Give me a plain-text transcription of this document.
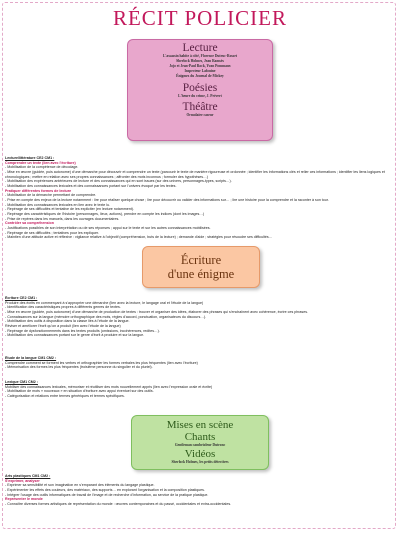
RÉCIT POLICIER
Lecture
L'assassin habite à côté, Florence Dutruc-Rosset
Sherlock Holmes, Jean Ramsès
Jojo et Jean-Paul Rock, Yvan Pommaux
Inspecteur Lafouine
Énigmes du Journal de Mickey
Poésies
L'heure du crime, J. Prévert
Théâtre
Ormolaire caseur
Lecture/littérature CE2 CM1 :
Comprendre un texte (lien avec l'écriture)
- Mobilisation de la compétence de décodage.
- Mise en œuvre (guidée, puis autonome) d'une démarche pour découvrir et comprendre un texte (parcourir le texte de manière rigoureuse et ordonnée ; identifier les informations clés et relier ces informations ; identifier les liens logiques et chronologiques ; mettre en relation avec ses propres connaissances ; affronter des mots inconnus ; formuler des hypothèses…)
- Mobilisation des expériences antérieures de lecture et des connaissances qui en sont issues (sur des univers, personnages-types, scripts…).
- Mobilisation des connaissances lexicales et des connaissances portant sur l'univers évoqué par les textes.
Pratiquer différentes formes de lecture
- Mobilisation de la démarche permettant de comprendre.
- Prise en compte des enjeux de la lecture notamment : lire pour réaliser quelque chose ; lire pour découvrir ou valider des informations sur… ; lire une histoire pour la comprendre et la raconter à son tour.
- Mobilisation des connaissances lexicales en lien avec le texte lu.
- Repérage de ses difficultés et tentative de les expliciter (en lecture notamment).
- Repérage des caractéristiques de l'histoire (personnages, lieux, actions), prendre en compte les indices (dont les images…)
- Prise de repères dans les manuels, dans les ouvrages documentaires.
Contrôler sa compréhension
- Justifications possibles de son interprétation ou de ses réponses ; appui sur le texte et sur les autres connaissances mobilisées.
- Repérage de ses difficultés ; tentatives pour les expliquer.
- Maintien d'une attitude active et réflexive : vigilance relative à l'objectif (compréhension, buts de la lecture) ; demande d'aide ; stratégies pour résoudre ses difficultés…
Écriture
d'une énigme
Écriture CE2 CM1 :
Produire des écrits en commençant à s'approprier une démarche (lien avec la lecture, le langage oral et l'étude de la langue)
- Identification des caractéristiques propres à différents genres de textes.
- Mise en œuvre (guidée, puis autonome) d'une démarche de production de textes : trouver et organiser des idées, élaborer des phrases qui s'enchaînent avec cohérence, écrire ces phrases.
- Connaissances sur la langue (mémoire orthographique des mots, règles d'accord, ponctuation, organisateurs du discours…).
- Mobilisation des outils à disposition dans la classe liés à l'étude de la langue.
Réviser et améliorer l'écrit qu'on a produit (lien avec l'étude de la langue)
- Repérage de dysfonctionnements dans les textes produits (omissions, incohérences, redites…).
- Mobilisation des connaissances portant sur le genre d'écrit à produire et sur la langue.
Étude de la langue CM1 CM2 :
Comprendre comment se forment les verbes et orthographier les formes verbales les plus fréquentes (lien avec l'écriture)
- Mémorisation des formes les plus fréquentes (troisième personne du singulier et du pluriel).
Lexique CM1 CM2 :
Mobiliser des connaissances lexicales, mémoriser et réutiliser des mots nouvellement appris (lien avec l'expression orale et écrite)
- Mobilisation de mots « nouveaux » en situation d'écriture avec appui éventuel sur des outils.
- Catégorisation et relations entre termes génériques et termes spécifiques.
Mises en scène
Chants
Gentleman cambrioleur Dutronc
Vidéos
Sherlock Holmes, les petits détectives
Arts plastiques CM1 CM2 :
S'exprimer, analyser
- Exprimer sa sensibilité et son imagination en s'emparant des éléments du langage plastique.
- Expérimenter les effets des couleurs, des matériaux, des supports… en explorant l'organisation et la composition plastiques.
- Intégrer l'usage des outils informatiques de travail de l'image et de recherche d'information, au service de la pratique plastique.
Représenter le monde
- Connaître diverses formes artistiques de représentation du monde : œuvres contemporaines et du passé, occidentales et extra-occidentales.
